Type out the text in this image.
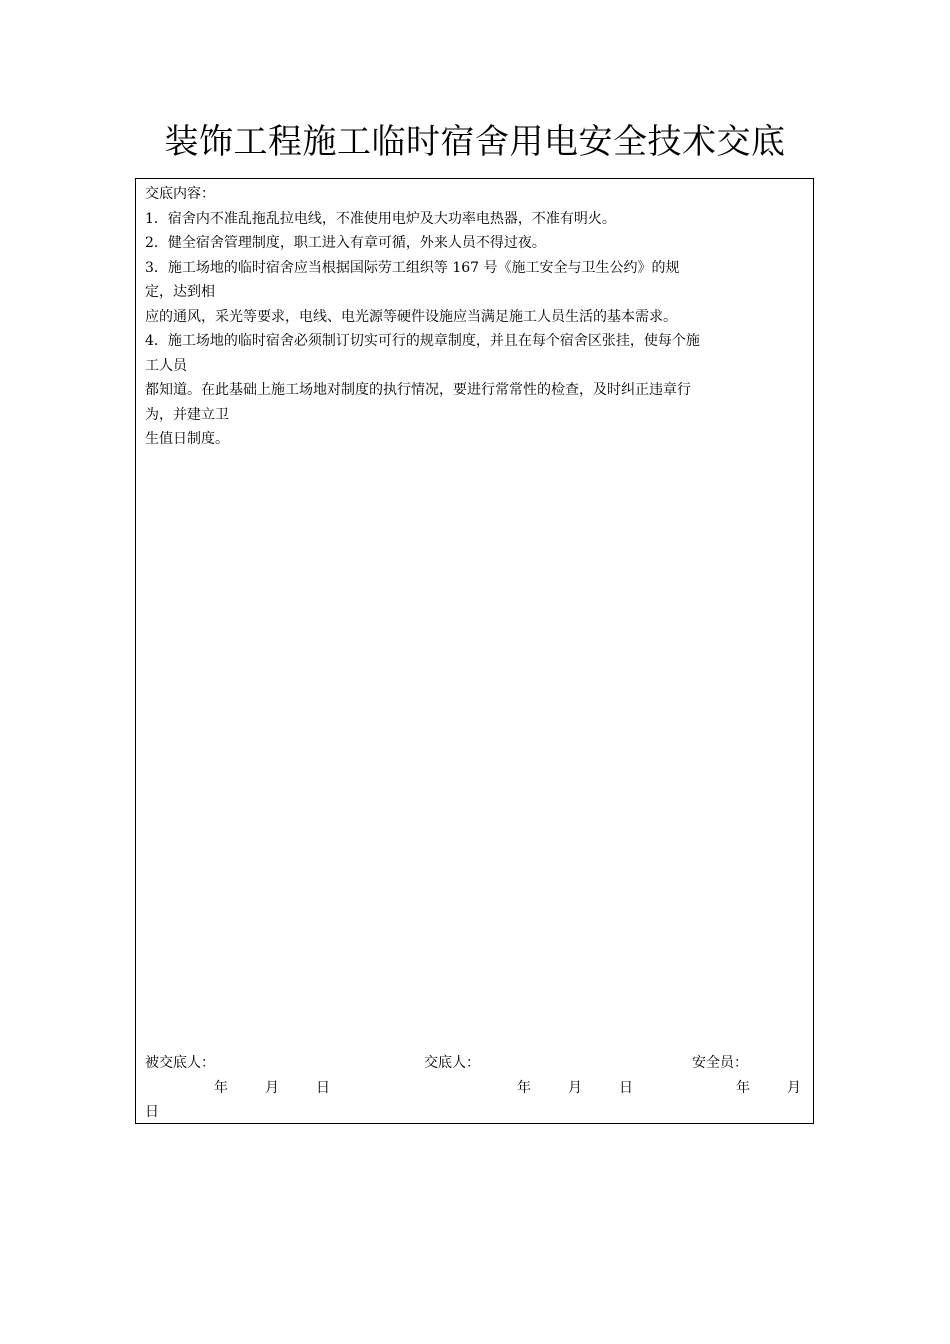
装饰工程施工临时宿舍用电安全技术交底

交底内容：

1．宿舍内不准乱拖乱拉电线，不准使用电炉及大功率电热器，不准有明火。

2．健全宿舍管理制度，职工进入有章可循，外来人员不得过夜。

3．施工场地的临时宿舍应当根据国际劳工组织等 167 号《施工安全与卫生公约》的规

定，达到相

应的通风，采光等要求，电线、电光源等硬件设施应当满足施工人员生活的基本需求。

4．施工场地的临时宿舍必须制订切实可行的规章制度，并且在每个宿舍区张挂，使每个施

工人员

都知道。在此基础上施工场地对制度的执行情况，要进行常常性的检查，及时纠正违章行

为，并建立卫

生值日制度。

被交底人：	交底人：	安全员：
年	月	日	年	月	日	年	月
日
